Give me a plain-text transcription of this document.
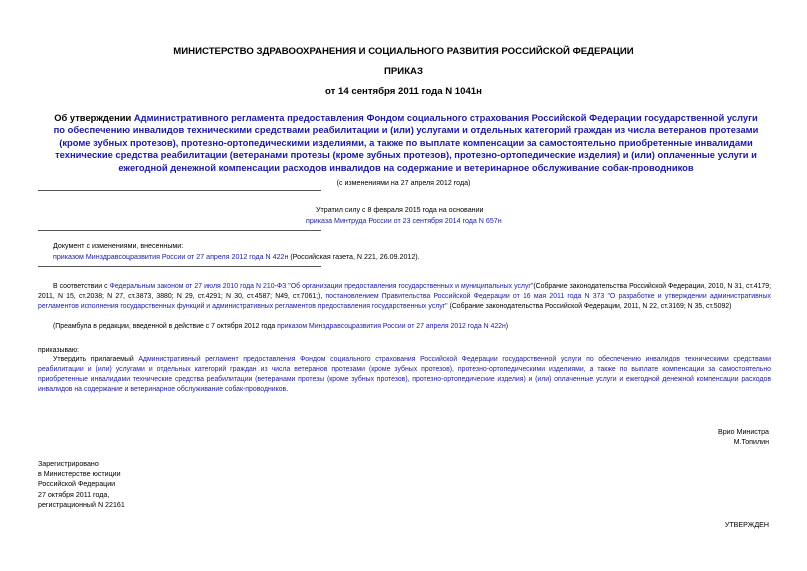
МИНИСТЕРСТВО ЗДРАВООХРАНЕНИЯ И СОЦИАЛЬНОГО РАЗВИТИЯ РОССИЙСКОЙ ФЕДЕРАЦИИ
ПРИКАЗ
от 14 сентября 2011 года N 1041н
Об утверждении Административного регламента предоставления Фондом социального страхования Российской Федерации государственной услуги по обеспечению инвалидов техническими средствами реабилитации и (или) услугами и отдельных категорий граждан из числа ветеранов протезами (кроме зубных протезов), протезно-ортопедическими изделиями, а также по выплате компенсации за самостоятельно приобретенные инвалидами технические средства реабилитации (ветеранами протезы (кроме зубных протезов), протезно-ортопедические изделия) и (или) оплаченные услуги и ежегодной денежной компенсации расходов инвалидов на содержание и ветеринарное обслуживание собак-проводников
(с изменениями на 27 апреля 2012 года)
Утратил силу с 8 февраля 2015 года на основании
приказа Минтруда России от 23 сентября 2014 года N 657н
Документ с изменениями, внесенными:
приказом Минздравсоцразвития России от 27 апреля 2012 года N 422н (Российская газета, N 221, 26.09.2012).
В соответствии с Федеральным законом от 27 июля 2010 года N 210-ФЗ "Об организации предоставления государственных и муниципальных услуг"(Собрание законодательства Российской Федерации, 2010, N 31, ст.4179; 2011, N 15, ст.2038; N 27, ст.3873, 3880; N 29, ст.4291; N 30, ст.4587; N49, ст.7061;), постановлением Правительства Российской Федерации от 16 мая 2011 года N 373 "О разработке и утверждении административных регламентов исполнения государственных функций и административных регламентов предоставления государственных услуг" (Собрание законодательства Российской Федерации, 2011, N 22, ст.3169; N 35, ст.5092)
(Преамбула в редакции, введенной в действие с 7 октября 2012 года приказом Минздравсоцразвития России от 27 апреля 2012 года N 422н)
приказываю:
Утвердить прилагаемый Административный регламент предоставления Фондом социального страхования Российской Федерации государственной услуги по обеспечению инвалидов техническими средствами реабилитации и (или) услугами и отдельных категорий граждан из числа ветеранов протезами (кроме зубных протезов), протезно-ортопедическими изделиями, а также по выплате компенсации за самостоятельно приобретенные инвалидами технические средства реабилитации (ветеранами протезы (кроме зубных протезов), протезно-ортопедические изделия) и (или) оплаченные услуги и ежегодной денежной компенсации расходов инвалидов на содержание и ветеринарное обслуживание собак-проводников.
Врио Министра
М.Топилин
Зарегистрировано
в Министерстве юстиции
Российской Федерации
27 октября 2011 года,
регистрационный N 22161
УТВЕРЖДЕН
